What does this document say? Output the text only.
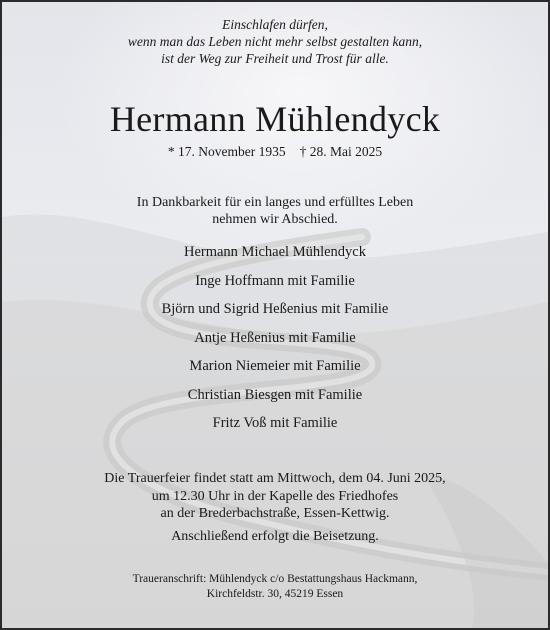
Einschlafen dürfen,
wenn man das Leben nicht mehr selbst gestalten kann,
ist der Weg zur Freiheit und Trost für alle.
Hermann Mühlendyck
* 17. November 1935 † 28. Mai 2025
In Dankbarkeit für ein langes und erfülltes Leben
nehmen wir Abschied.
Hermann Michael Mühlendyck
Inge Hoffmann mit Familie
Björn und Sigrid Heßenius mit Familie
Antje Heßenius mit Familie
Marion Niemeier mit Familie
Christian Biesgen mit Familie
Fritz Voß mit Familie
Die Trauerfeier findet statt am Mittwoch, dem 04. Juni 2025,
um 12.30 Uhr in der Kapelle des Friedhofes
an der Brederbachstraße, Essen-Kettwig.
Anschließend erfolgt die Beisetzung.
Traueranschrift: Mühlendyck c/o Bestattungshaus Hackmann,
Kirchfeldstr. 30, 45219 Essen
